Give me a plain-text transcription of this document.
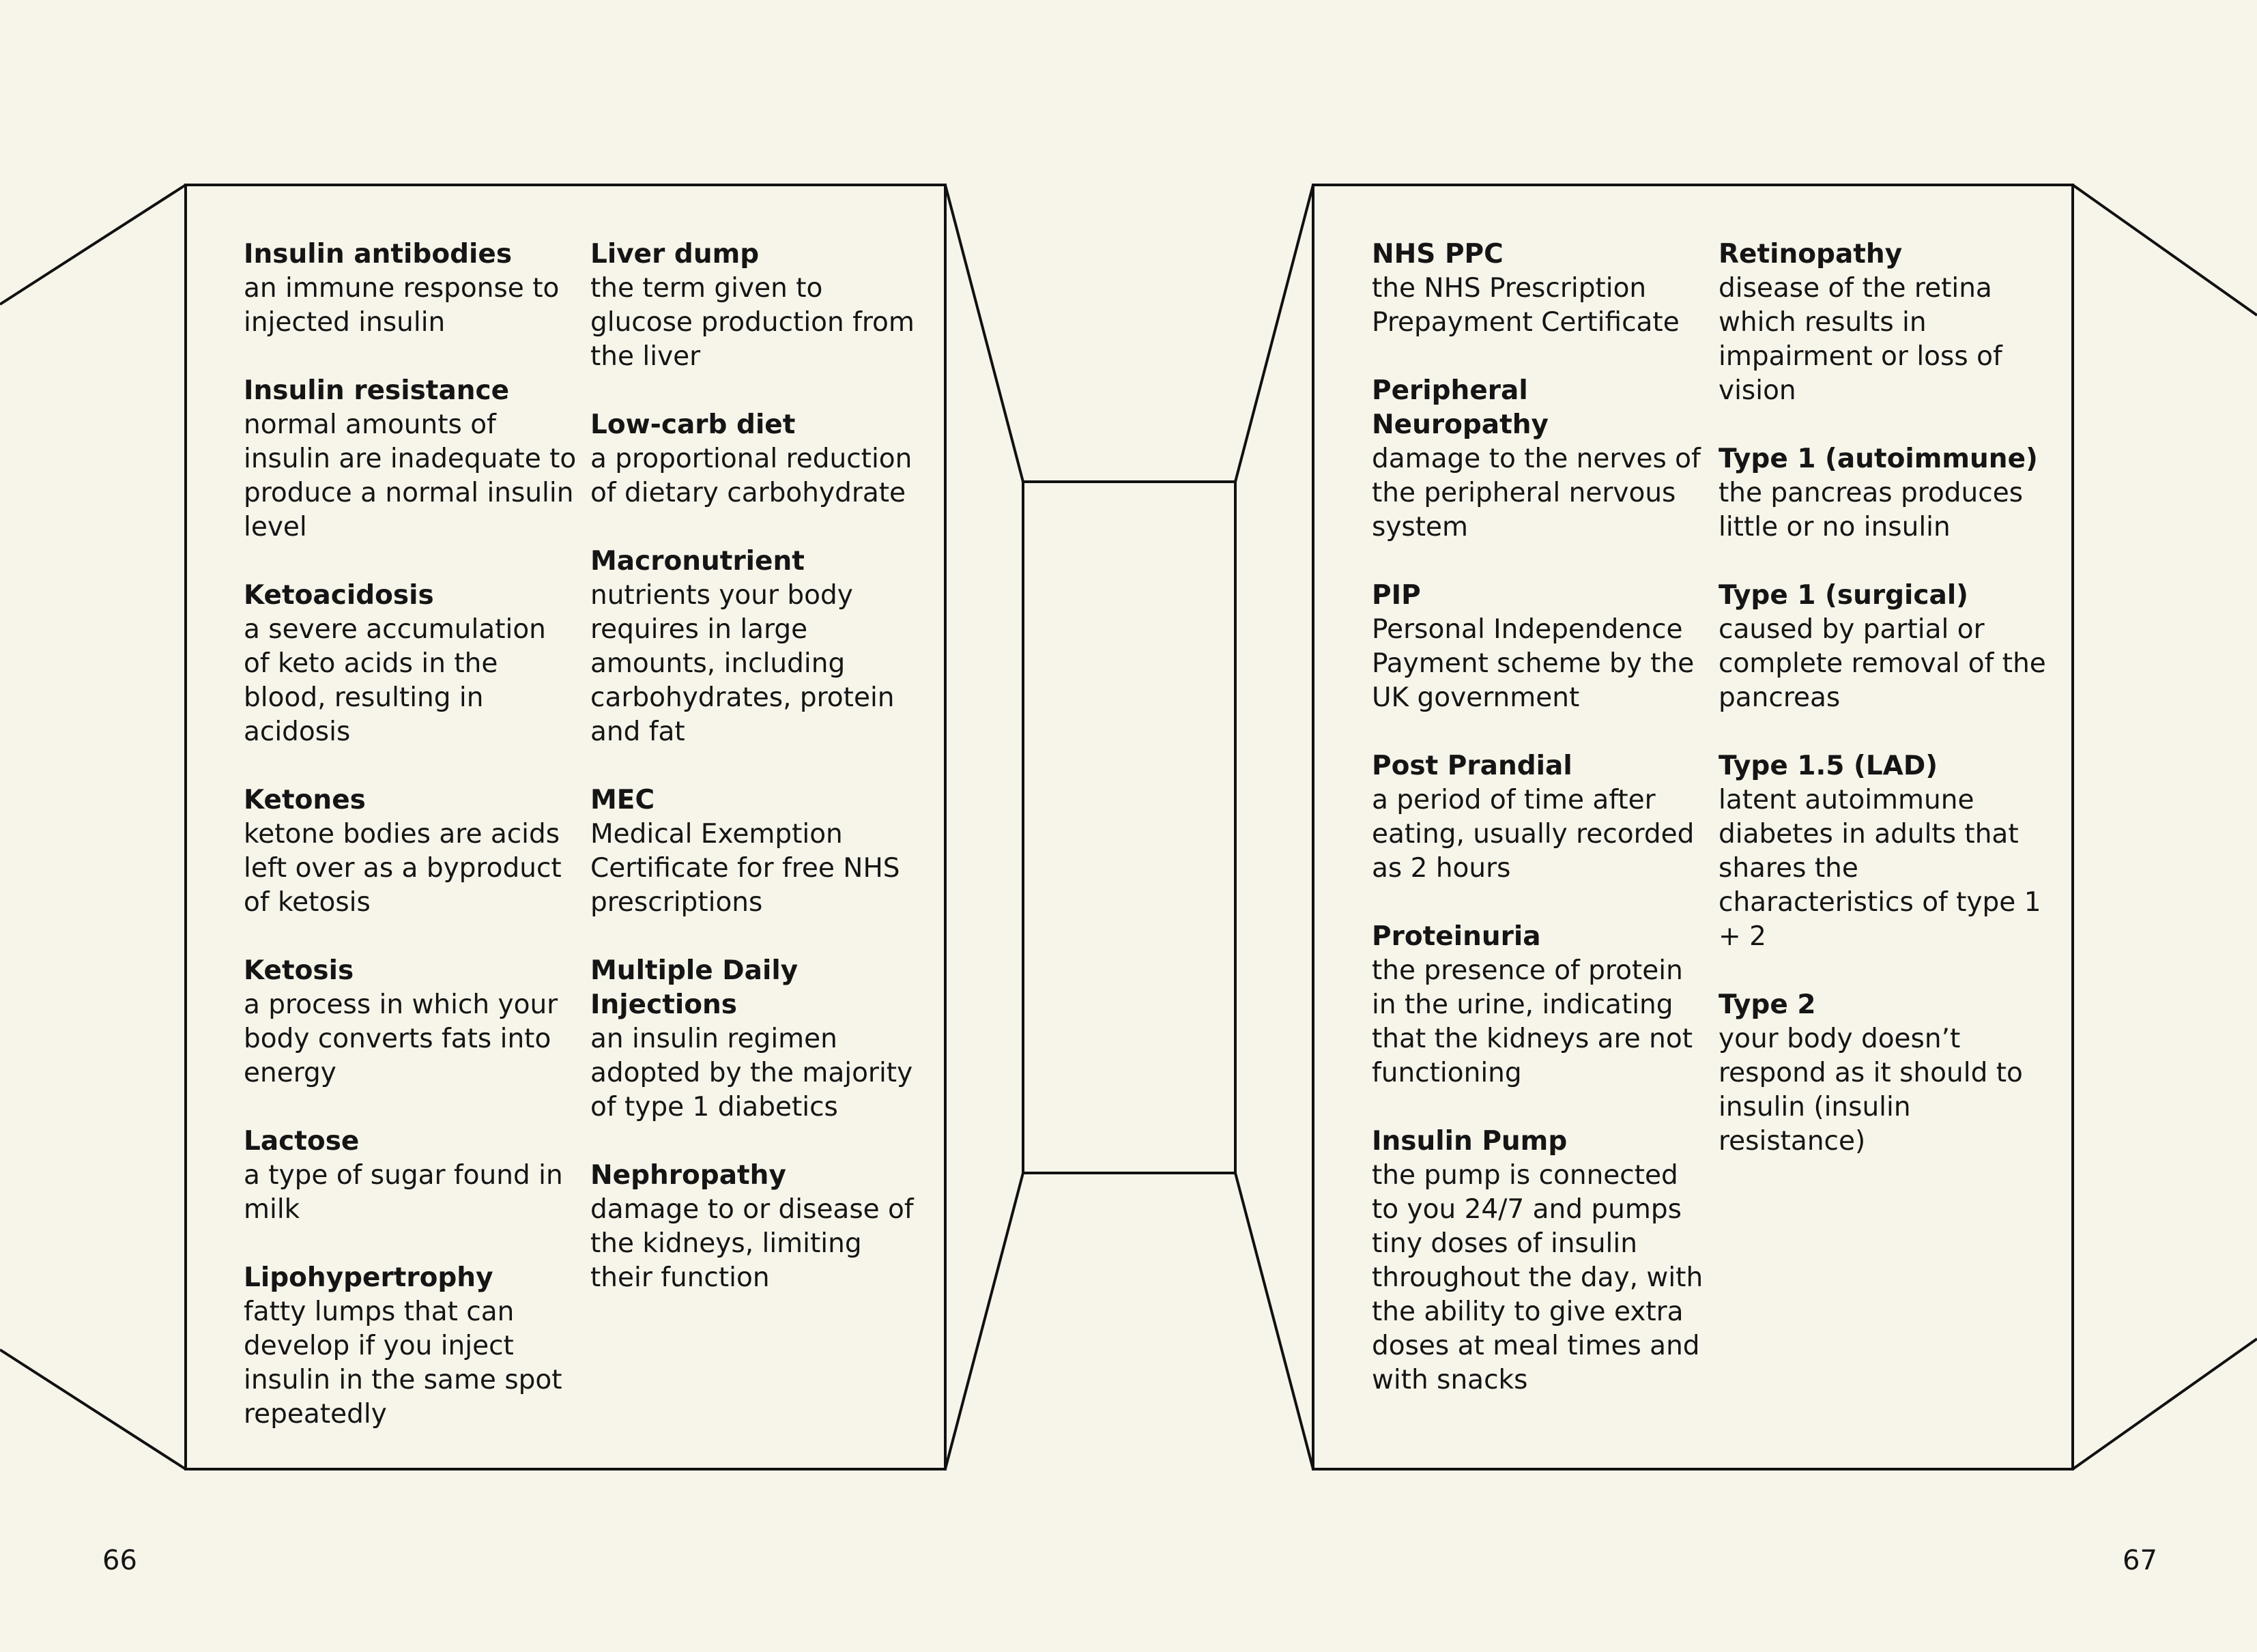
Insulin antibodies
an immune response to injected insulin
Insulin resistance
normal amounts of insulin are inadequate to produce a normal insulin level
Ketoacidosis
a severe accumulation of keto acids in the blood, resulting in acidosis
Ketones
ketone bodies are acids left over as a byproduct of ketosis
Ketosis
a process in which your body converts fats into energy
Lactose
a type of sugar found in milk
Lipohypertrophy
fatty lumps that can develop if you inject insulin in the same spot repeatedly
Liver dump
the term given to glucose production from the liver
Low-carb diet
a proportional reduction of dietary carbohydrate
Macronutrient
nutrients your body requires in large amounts, including carbohydrates, protein and fat
MEC
Medical Exemption Certificate for free NHS prescriptions
Multiple Daily Injections
an insulin regimen adopted by the majority of type 1 diabetics
Nephropathy
damage to or disease of the kidneys, limiting their function
NHS PPC
the NHS Prescription Prepayment Certificate
Peripheral Neuropathy
damage to the nerves of the peripheral nervous system
PIP
Personal Independence Payment scheme by the UK government
Post Prandial
a period of time after eating, usually recorded as 2 hours
Proteinuria
the presence of protein in the urine, indicating that the kidneys are not functioning
Insulin Pump
the pump is connected to you 24/7 and pumps tiny doses of insulin throughout the day, with the ability to give extra doses at meal times and with snacks
Retinopathy
disease of the retina which results in impairment or loss of vision
Type 1 (autoimmune)
the pancreas produces little or no insulin
Type 1 (surgical)
caused by partial or complete removal of the pancreas
Type 1.5 (LAD)
latent autoimmune diabetes in adults that shares the characteristics of type 1 + 2
Type 2
your body doesn’t respond as it should to insulin (insulin resistance)
66	67
